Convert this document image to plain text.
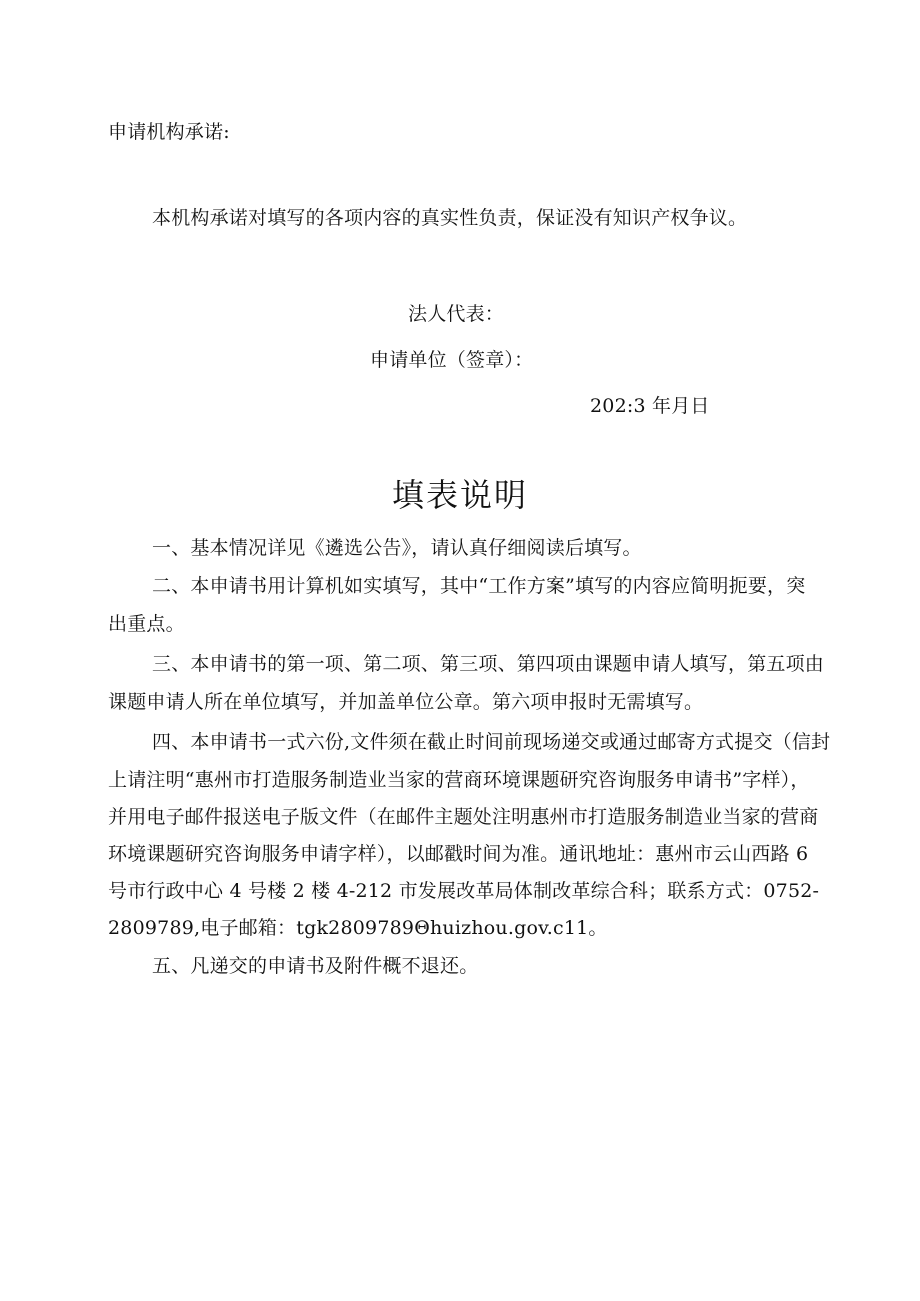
申请机构承诺:
本机构承诺对填写的各项内容的真实性负责，保证没有知识产权争议。
法人代表：
申请单位（签章）：
202:3 年月日
填表说明
一、基本情况详见《遴选公告》，请认真仔细阅读后填写。
二、本申请书用计算机如实填写，其中“工作方案”填写的内容应简明扼要，突
出重点。
三、本申请书的第一项、第二项、第三项、第四项由课题申请人填写，第五项由
课题申请人所在单位填写，并加盖单位公章。第六项申报时无需填写。
四、本申请书一式六份,文件须在截止时间前现场递交或通过邮寄方式提交（信封
上请注明“惠州市打造服务制造业当家的营商环境课题研究咨询服务申请书”字样），
并用电子邮件报送电子版文件（在邮件主题处注明惠州市打造服务制造业当家的营商
环境课题研究咨询服务申请字样），以邮戳时间为准。通讯地址：惠州市云山西路 6
号市行政中心 4 号楼 2 楼 4-212 市发展改革局体制改革综合科；联系方式：0752-
2809789,电子邮箱：tgk2809789Θhuizhou.gov.c11。
五、凡递交的申请书及附件概不退还。
